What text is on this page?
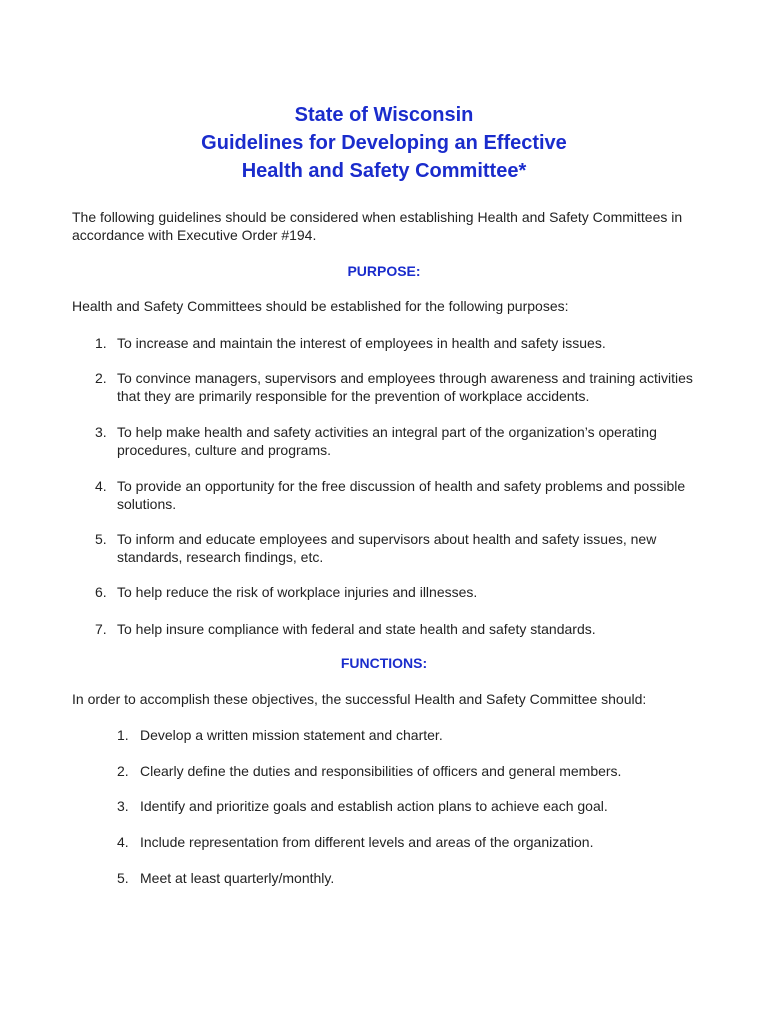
State of Wisconsin
Guidelines for Developing an Effective
Health and Safety Committee*
The following guidelines should be considered when establishing Health and Safety Committees in accordance with Executive Order #194.
PURPOSE:
Health and Safety Committees should be established for the following purposes:
1. To increase and maintain the interest of employees in health and safety issues.
2. To convince managers, supervisors and employees through awareness and training activities that they are primarily responsible for the prevention of workplace accidents.
3. To help make health and safety activities an integral part of the organization’s operating procedures, culture and programs.
4. To provide an opportunity for the free discussion of health and safety problems and possible solutions.
5. To inform and educate employees and supervisors about health and safety issues, new standards, research findings, etc.
6. To help reduce the risk of workplace injuries and illnesses.
7. To help insure compliance with federal and state health and safety standards.
FUNCTIONS:
In order to accomplish these objectives, the successful Health and Safety Committee should:
1. Develop a written mission statement and charter.
2. Clearly define the duties and responsibilities of officers and general members.
3. Identify and prioritize goals and establish action plans to achieve each goal.
4. Include representation from different levels and areas of the organization.
5. Meet at least quarterly/monthly.
